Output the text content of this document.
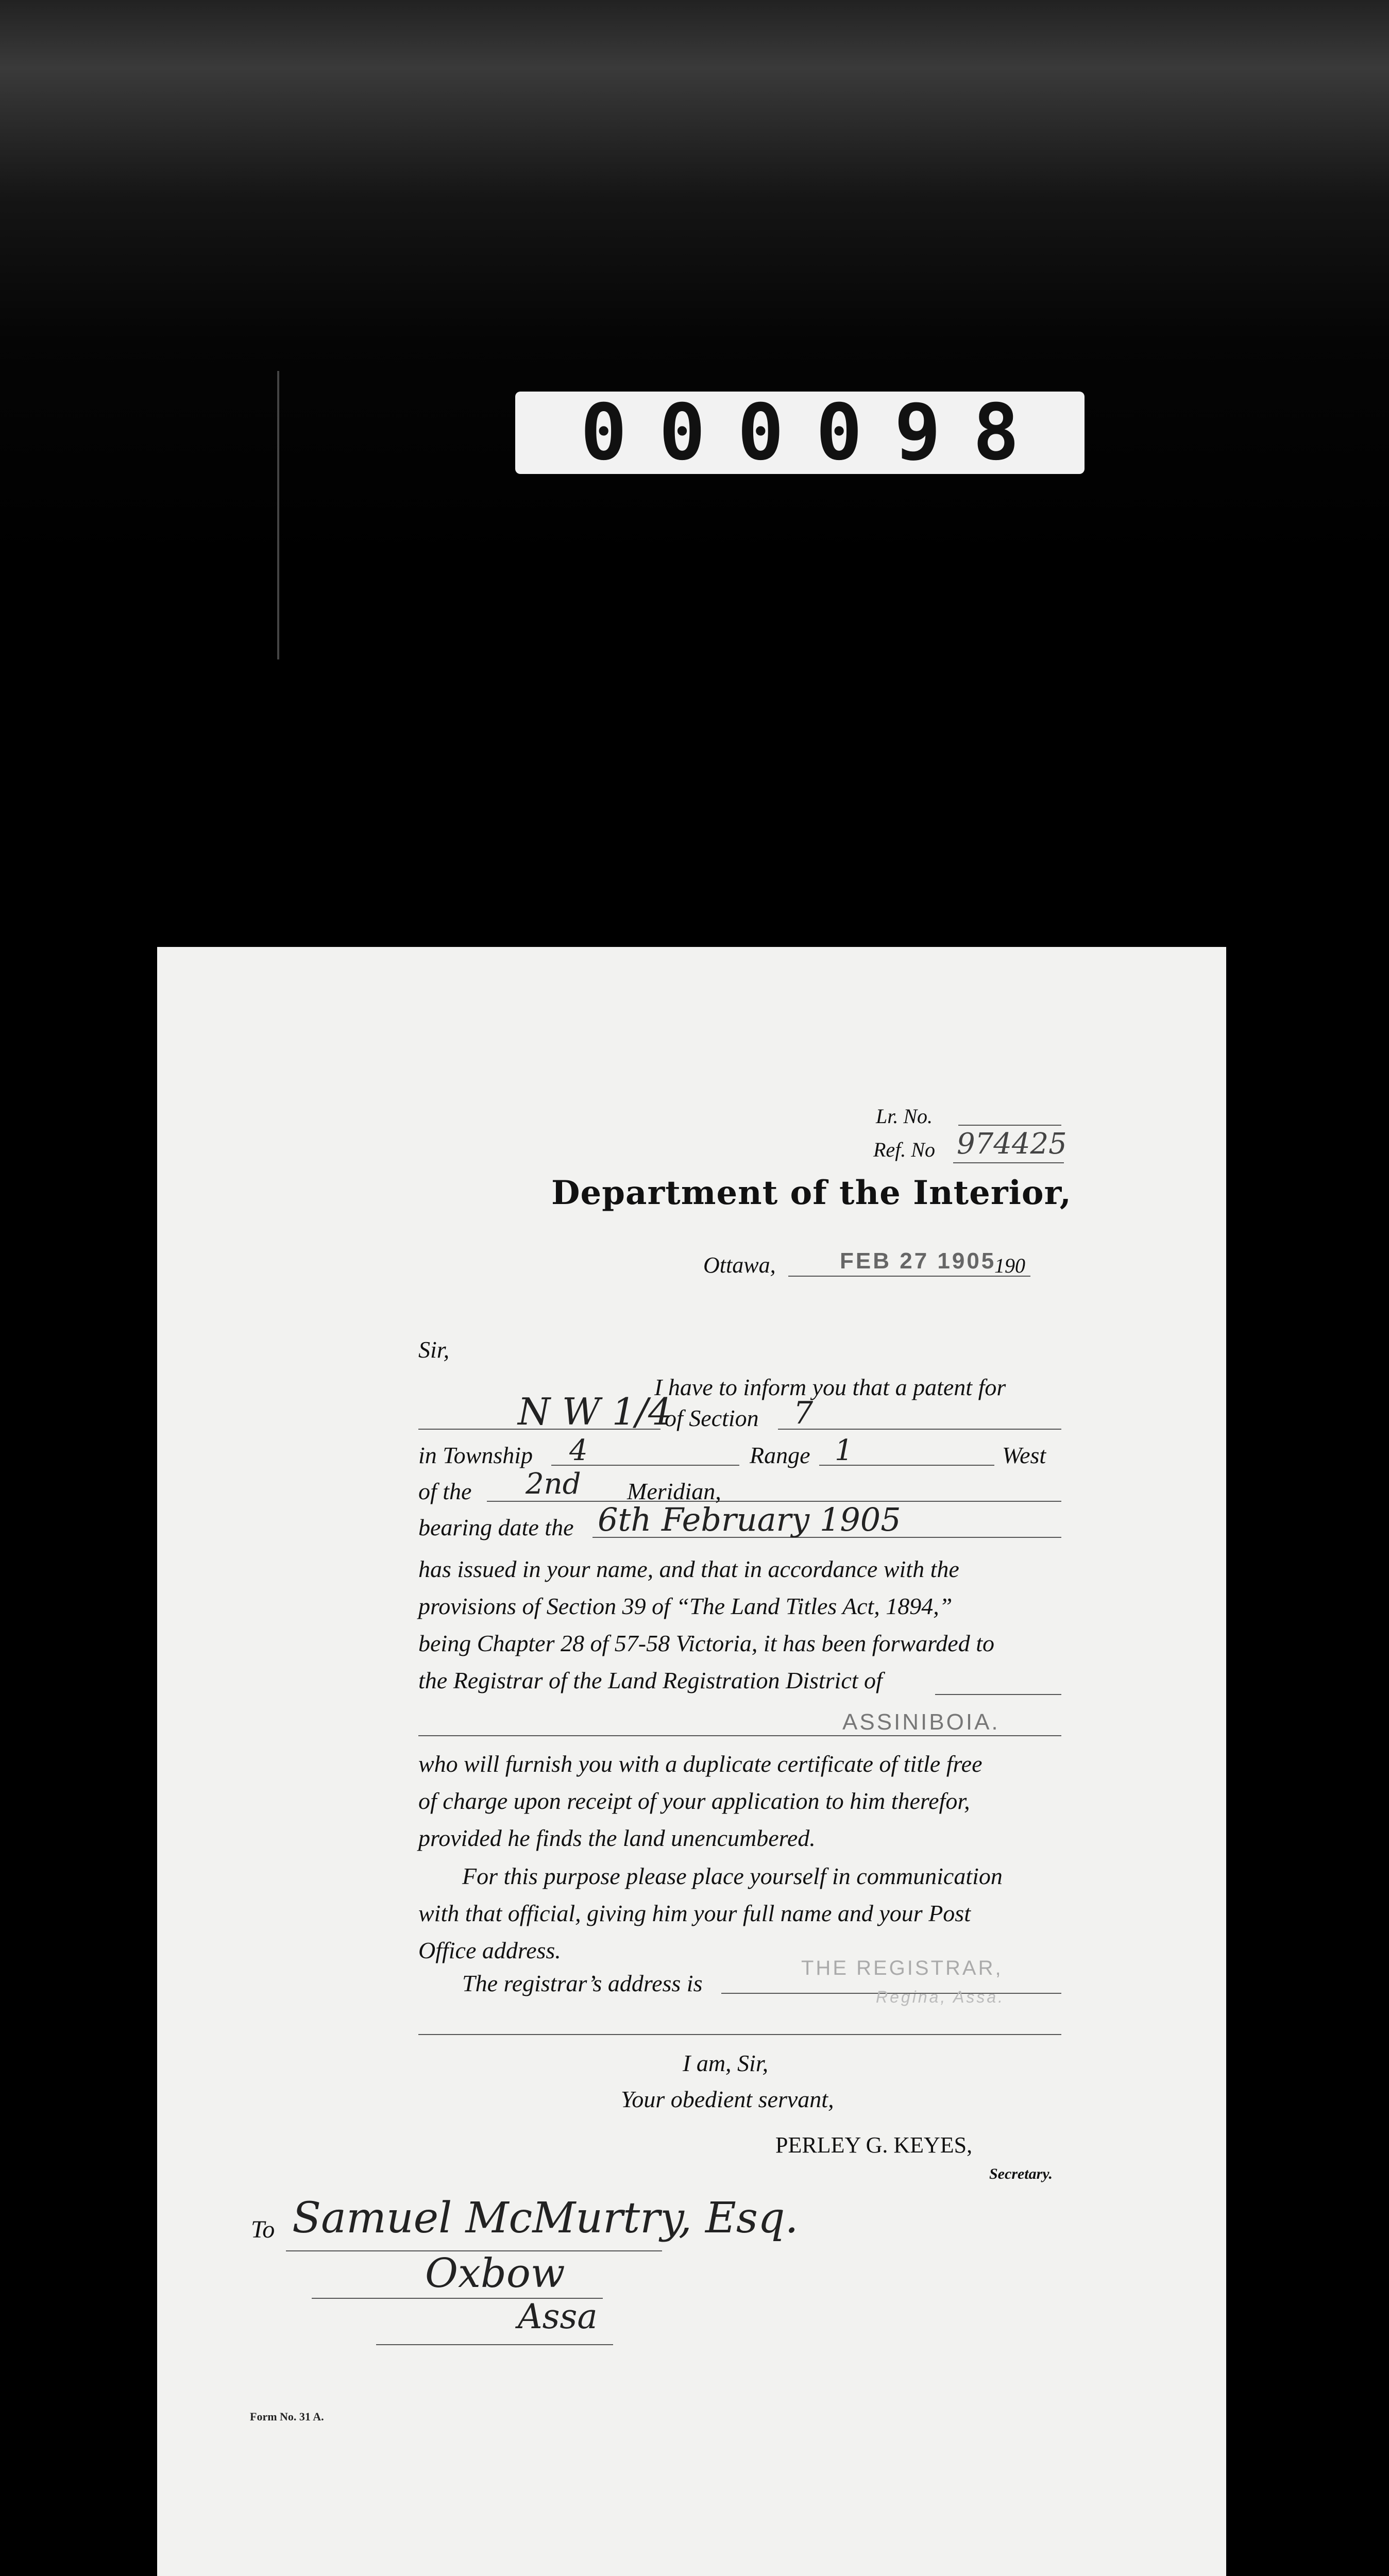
000098
Lr. No.
Ref. No 974425
Department of the Interior,
Ottawa,	FEB 27 1905
190
Sir,
I have to inform you that a patent for
N W 1/4
of Section 7
in Township 4	Range 1	West
of the 2nd Meridian,
bearing date the 6th February 1905
has issued in your name, and that in accordance with the
provisions of Section 39 of “The Land Titles Act, 1894,”
being Chapter 28 of 57-58 Victoria, it has been forwarded to
the Registrar of the Land Registration District of
ASSINIBOIA.
who will furnish you with a duplicate certificate of title free
of charge upon receipt of your application to him therefor,
provided he finds the land unencumbered.
For this purpose please place yourself in communication
with that official, giving him your full name and your Post
Office address.
The registrar’s address is
THE REGISTRAR,
Regina, Assa.
I am, Sir,
Your obedient servant,
PERLEY G. KEYES,
Secretary.
To Samuel McMurtry, Esq.
Oxbow
Assa
Form No. 31 A.
